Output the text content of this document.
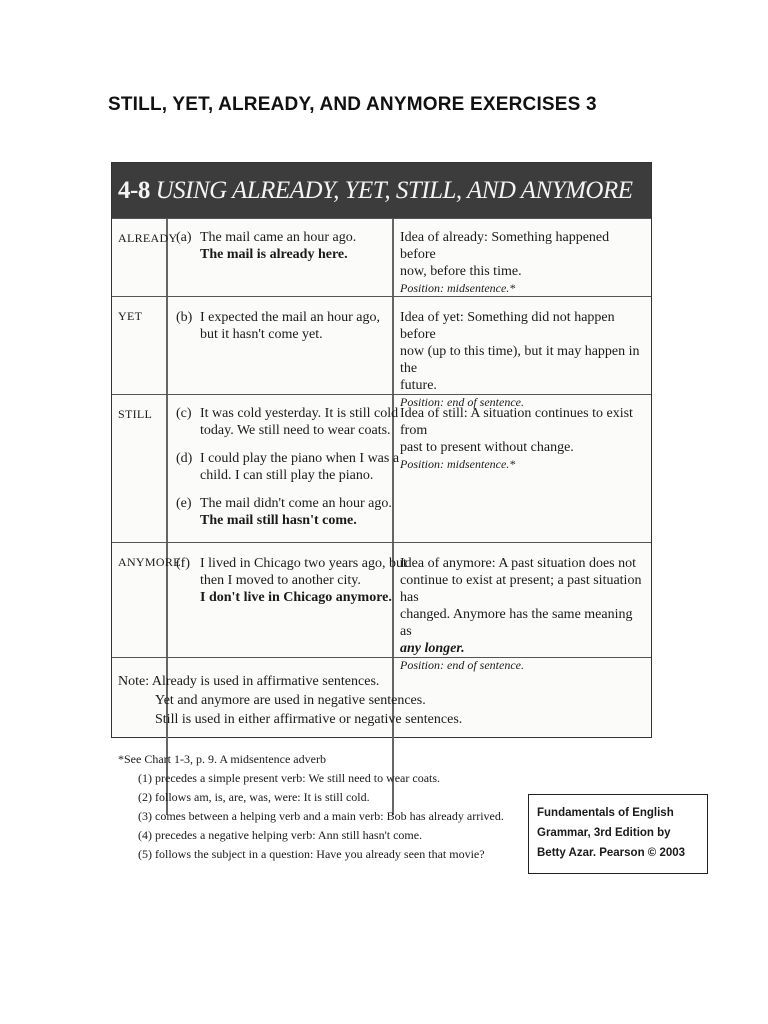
STILL, YET, ALREADY, AND ANYMORE EXERCISES 3
4-8 USING ALREADY, YET, STILL, AND ANYMORE
ALREADY
(a) The mail came an hour ago.
The mail is already here.
Idea of already: Something happened before
now, before this time.
Position: midsentence.*
YET (b) I expected the mail an hour ago,
but it hasn't come yet.
Idea of yet: Something did not happen before
now (up to this time), but it may happen in the
future.
Position: end of sentence.
STILL (c) It was cold yesterday. It is still cold
today. We still need to wear coats.
(d) I could play the piano when I was a
child. I can still play the piano.
(e) The mail didn't come an hour ago.
The mail still hasn't come.
Idea of still: A situation continues to exist from
past to present without change.
Position: midsentence.*
ANYMORE
(f) I lived in Chicago two years ago, but
then I moved to another city.
I don't live in Chicago anymore.
Idea of anymore: A past situation does not
continue to exist at present; a past situation has
changed. Anymore has the same meaning as
any longer.
Position: end of sentence.
Note: Already is used in affirmative sentences.
Yet and anymore are used in negative sentences.
Still is used in either affirmative or negative sentences.
*See Chart 1-3, p. 9. A midsentence adverb
(1) precedes a simple present verb: We still need to wear coats.
(2) follows am, is, are, was, were: It is still cold.
(3) comes between a helping verb and a main verb: Bob has already arrived.
(4) precedes a negative helping verb: Ann still hasn't come.
(5) follows the subject in a question: Have you already seen that movie?
Fundamentals of English
Grammar, 3rd Edition by
Betty Azar. Pearson © 2003
